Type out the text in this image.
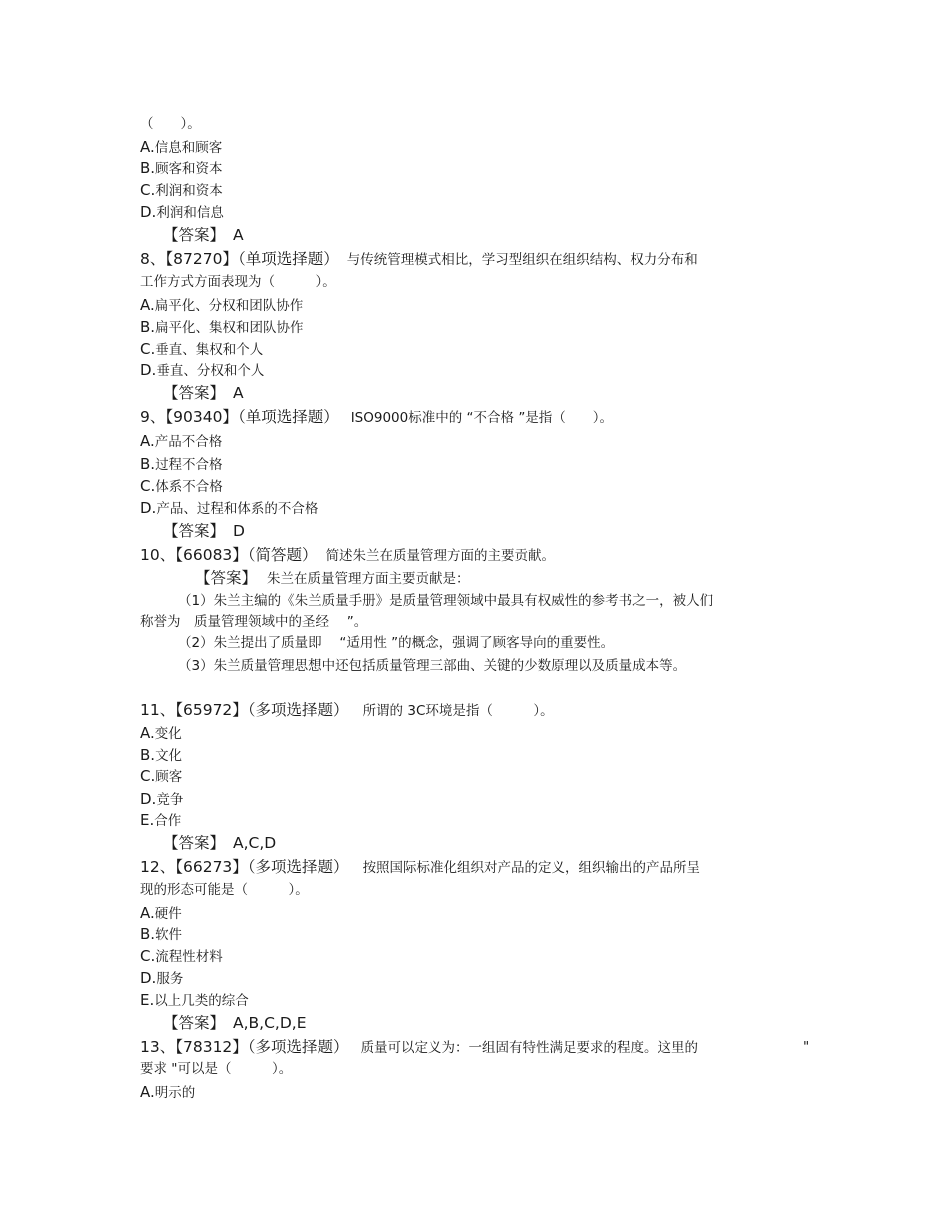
（　　）。
A.信息和顾客
B.顾客和资本
C.利润和资本
D.利润和信息
【答案】 A
8、【87270】（单项选择题） 与传统管理模式相比，学习型组织在组织结构、权力分布和
工作方式方面表现为（　　　）。
A.扁平化、分权和团队协作
B.扁平化、集权和团队协作
C.垂直、集权和个人
D.垂直、分权和个人
【答案】 A
9、【90340】（单项选择题） ISO9000标准中的 “不合格 ”是指（　　）。
A.产品不合格
B.过程不合格
C.体系不合格
D.产品、过程和体系的不合格
【答案】 D
10、【66083】（简答题） 简述朱兰在质量管理方面的主要贡献。
【答案】 朱兰在质量管理方面主要贡献是：
（1）朱兰主编的《朱兰质量手册》是质量管理领域中最具有权威性的参考书之一，被人们
称誉为　质量管理领域中的圣经　 ”。
（2）朱兰提出了质量即　 “适用性 ”的概念，强调了顾客导向的重要性。
（3）朱兰质量管理思想中还包括质量管理三部曲、关键的少数原理以及质量成本等。
11、【65972】（多项选择题） 所谓的 3C环境是指（　　　）。
A.变化
B.文化
C.顾客
D.竞争
E.合作
【答案】 A,C,D
12、【66273】（多项选择题） 按照国际标准化组织对产品的定义，组织输出的产品所呈
现的形态可能是（　　　）。
A.硬件
B.软件
C.流程性材料
D.服务
E.以上几类的综合
【答案】 A,B,C,D,E
13、【78312】（多项选择题） 质量可以定义为：一组固有特性满足要求的程度。这里的	"
要求 "可以是（　　　）。
A.明示的
